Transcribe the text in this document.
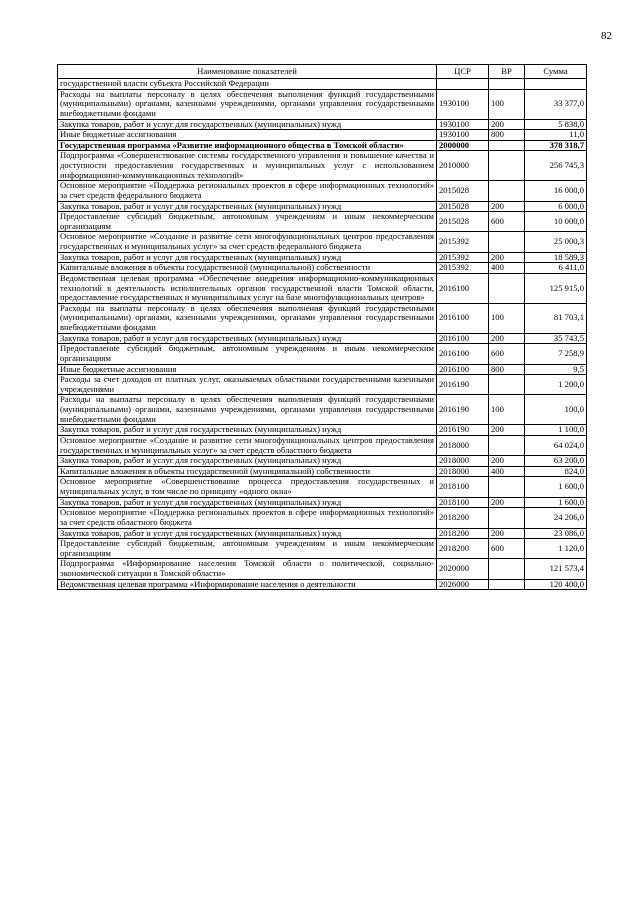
82
Наименование показателей	ЦСР	ВР	Сумма
государственной власти субъекта Российской Федерации			
Расходы на выплаты персоналу в целях обеспечения выполнения функций государственными (муниципальными) органами, казенными учреждениями, органами управления государственными внебюджетными фондами	1930100	100	33 377,0
Закупка товаров, работ и услуг для государственных (муниципальных) нужд	1930100	200	5 838,0
Иные бюджетные ассигнования	1930100	800	11,0
Государственная программа «Развитие информационного общества в Томской области»	2000000		378 318,7
Подпрограмма «Совершенствование системы государственного управления и повышение качества и доступности предоставления государственных и муниципальных услуг с использованием информационно-коммуникационных технологий»	2010000		256 745,3
Основное мероприятие «Поддержка региональных проектов в сфере информационных технологий» за счет средств федерального бюджета	2015028		16 000,0
Закупка товаров, работ и услуг для государственных (муниципальных) нужд	2015028	200	6 000,0
Предоставление субсидий бюджетным, автономным учреждениям и иным некоммерческим организациям	2015028	600	10 000,0
Основное мероприятие «Создание и развитие сети многофункциональных центров предоставления государственных и муниципальных услуг» за счет средств федерального бюджета	2015392		25 000,3
Закупка товаров, работ и услуг для государственных (муниципальных) нужд	2015392	200	18 589,3
Капитальные вложения в объекты государственной (муниципальной) собственности	2015392	400	6 411,0
Ведомственная целевая программа «Обеспечение внедрения информационно-коммуникационных технологий в деятельность исполнительных органов государственной власти Томской области, предоставление государственных и муниципальных услуг на базе многофункциональных центров»	2016100		125 915,0
Расходы на выплаты персоналу в целях обеспечения выполнения функций государственными (муниципальными) органами, казенными учреждениями, органами управления государственными внебюджетными фондами	2016100	100	81 703,1
Закупка товаров, работ и услуг для государственных (муниципальных) нужд	2016100	200	35 743,5
Предоставление субсидий бюджетным, автономным учреждениям и иным некоммерческим организациям	2016100	600	7 258,9
Иные бюджетные ассигнования	2016100	800	9,5
Расходы за счет доходов от платных услуг, оказываемых областными государственными казенными учреждениями	2016190		1 200,0
Расходы на выплаты персоналу в целях обеспечения выполнения функций государственными (муниципальными) органами, казенными учреждениями, органами управления государственными внебюджетными фондами	2016190	100	100,0
Закупка товаров, работ и услуг для государственных (муниципальных) нужд	2016190	200	1 100,0
Основное мероприятие «Создание и развитие сети многофункциональных центров предоставления государственных и муниципальных услуг» за счет средств областного бюджета	2018000		64 024,0
Закупка товаров, работ и услуг для государственных (муниципальных) нужд	2018000	200	63 200,0
Капитальные вложения в объекты государственной (муниципальной) собственности	2018000	400	824,0
Основное мероприятие «Совершенствование процесса предоставления государственных и муниципальных услуг, в том числе по принципу «одного окна»	2018100		1 600,0
Закупка товаров, работ и услуг для государственных (муниципальных) нужд	2018100	200	1 600,0
Основное мероприятие «Поддержка региональных проектов в сфере информационных технологий» за счет средств областного бюджета	2018200		24 206,0
Закупка товаров, работ и услуг для государственных (муниципальных) нужд	2018200	200	23 086,0
Предоставление субсидий бюджетным, автономным учреждениям и иным некоммерческим организациям	2018200	600	1 120,0
Подпрограмма «Информирование населения Томской области о политической, социально-экономической ситуации в Томской области»	2020000		121 573,4
Ведомственная целевая программа «Информирование населения о деятельности	2026000		120 400,0
